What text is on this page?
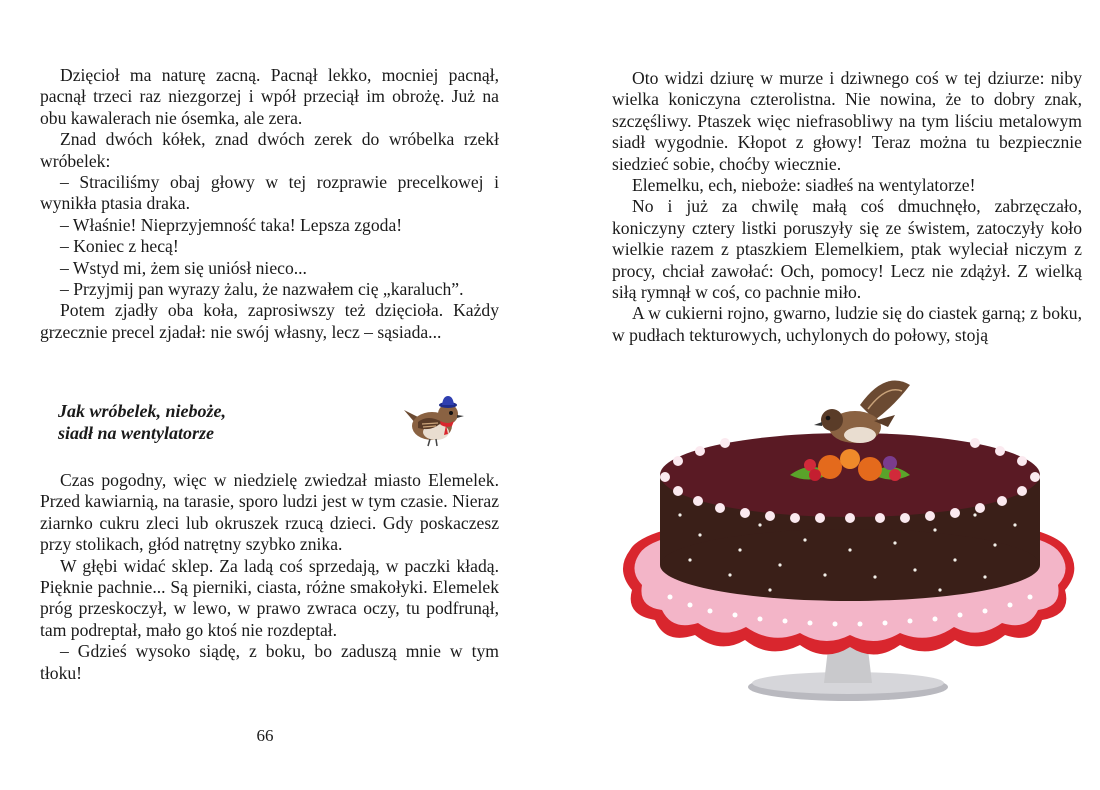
Dzięcioł ma naturę zacną. Pacnął lekko, mocniej pacnął, pacnął trzeci raz niezgorzej i wpół przeciął im obrożę. Już na obu kawalerach nie ósemka, ale zera.

Znad dwóch kółek, znad dwóch zerek do wróbelka rzekł wróbelek:

– Straciliśmy obaj głowy w tej rozprawie precelkowej i wynikła ptasia draka.

– Właśnie! Nieprzyjemność taka! Lepsza zgoda!

– Koniec z hecą!

– Wstyd mi, żem się uniósł nieco...

– Przyjmij pan wyrazy żalu, że nazwałem cię „karaluch”.

Potem zjadły oba koła, zaprosiwszy też dzięcioła. Każdy grzecznie precel zjadał: nie swój własny, lecz – sąsiada...

Jak wróbelek, nieboże,
siadł na wentylatorze

Czas pogodny, więc w niedzielę zwiedzał miasto Elemelek. Przed kawiarnią, na tarasie, sporo ludzi jest w tym czasie. Nieraz ziarnko cukru zleci lub okruszek rzucą dzieci. Gdy poskaczesz przy stolikach, głód natrętny szybko znika.

W głębi widać sklep. Za ladą coś sprzedają, w paczki kładą. Pięknie pachnie... Są pierniki, ciasta, różne smakołyki. Elemelek próg przeskoczył, w lewo, w prawo zwraca oczy, tu podfrunął, tam podreptał, mało go ktoś nie rozdeptał.

– Gdzieś wysoko siądę, z boku, bo zaduszą mnie w tym tłoku!

66

Oto widzi dziurę w murze i dziwnego coś w tej dziurze: niby wielka koniczyna czterolistna. Nie nowina, że to dobry znak, szczęśliwy. Ptaszek więc niefrasobliwy na tym liściu metalowym siadł wygodnie. Kłopot z głowy! Teraz można tu bezpiecznie siedzieć sobie, choćby wiecznie.

Elemelku, ech, nieboże: siadłeś na wentylatorze!

No i już za chwilę małą coś dmuchnęło, zabrzęczało, koniczyny cztery listki poruszyły się ze świstem, zatoczyły koło wielkie razem z ptaszkiem Elemelkiem, ptak wyleciał niczym z procy, chciał zawołać: Och, pomocy! Lecz nie zdążył. Z wielką siłą rymnął w coś, co pachnie miło.

A w cukierni rojno, gwarno, ludzie się do ciastek garną; z boku, w pudłach tekturowych, uchylonych do połowy, stoją
